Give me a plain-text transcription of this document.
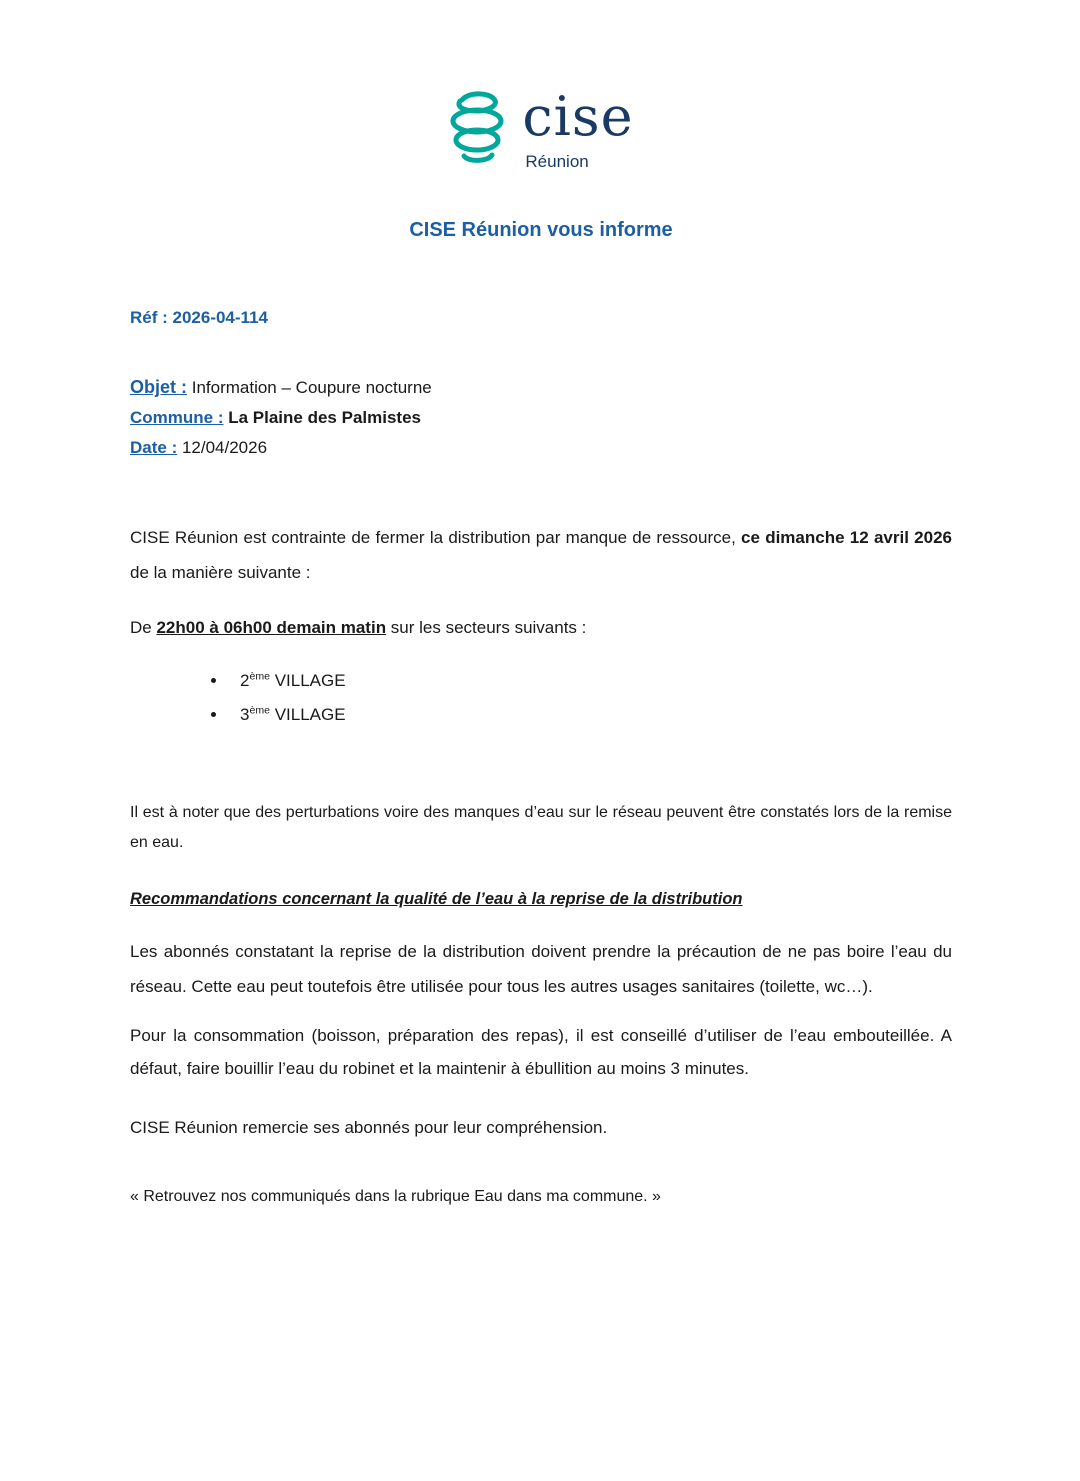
cise
Réunion
CISE Réunion vous informe
Réf : 2026-04-114
Objet : Information – Coupure nocturne
Commune : La Plaine des Palmistes
Date : 12/04/2026

CISE Réunion est contrainte de fermer la distribution par manque de ressource, ce dimanche 12 avril 2026 de la manière suivante :

De 22h00 à 06h00 demain matin sur les secteurs suivants :

• 2ème VILLAGE
• 3ème VILLAGE

Il est à noter que des perturbations voire des manques d’eau sur le réseau peuvent être constatés lors de la remise en eau.

Recommandations concernant la qualité de l’eau à la reprise de la distribution

Les abonnés constatant la reprise de la distribution doivent prendre la précaution de ne pas boire l’eau du réseau. Cette eau peut toutefois être utilisée pour tous les autres usages sanitaires (toilette, wc…).

Pour la consommation (boisson, préparation des repas), il est conseillé d’utiliser de l’eau embouteillée. A défaut, faire bouillir l’eau du robinet et la maintenir à ébullition au moins 3 minutes.

CISE Réunion remercie ses abonnés pour leur compréhension.

« Retrouvez nos communiqués dans la rubrique Eau dans ma commune. »
